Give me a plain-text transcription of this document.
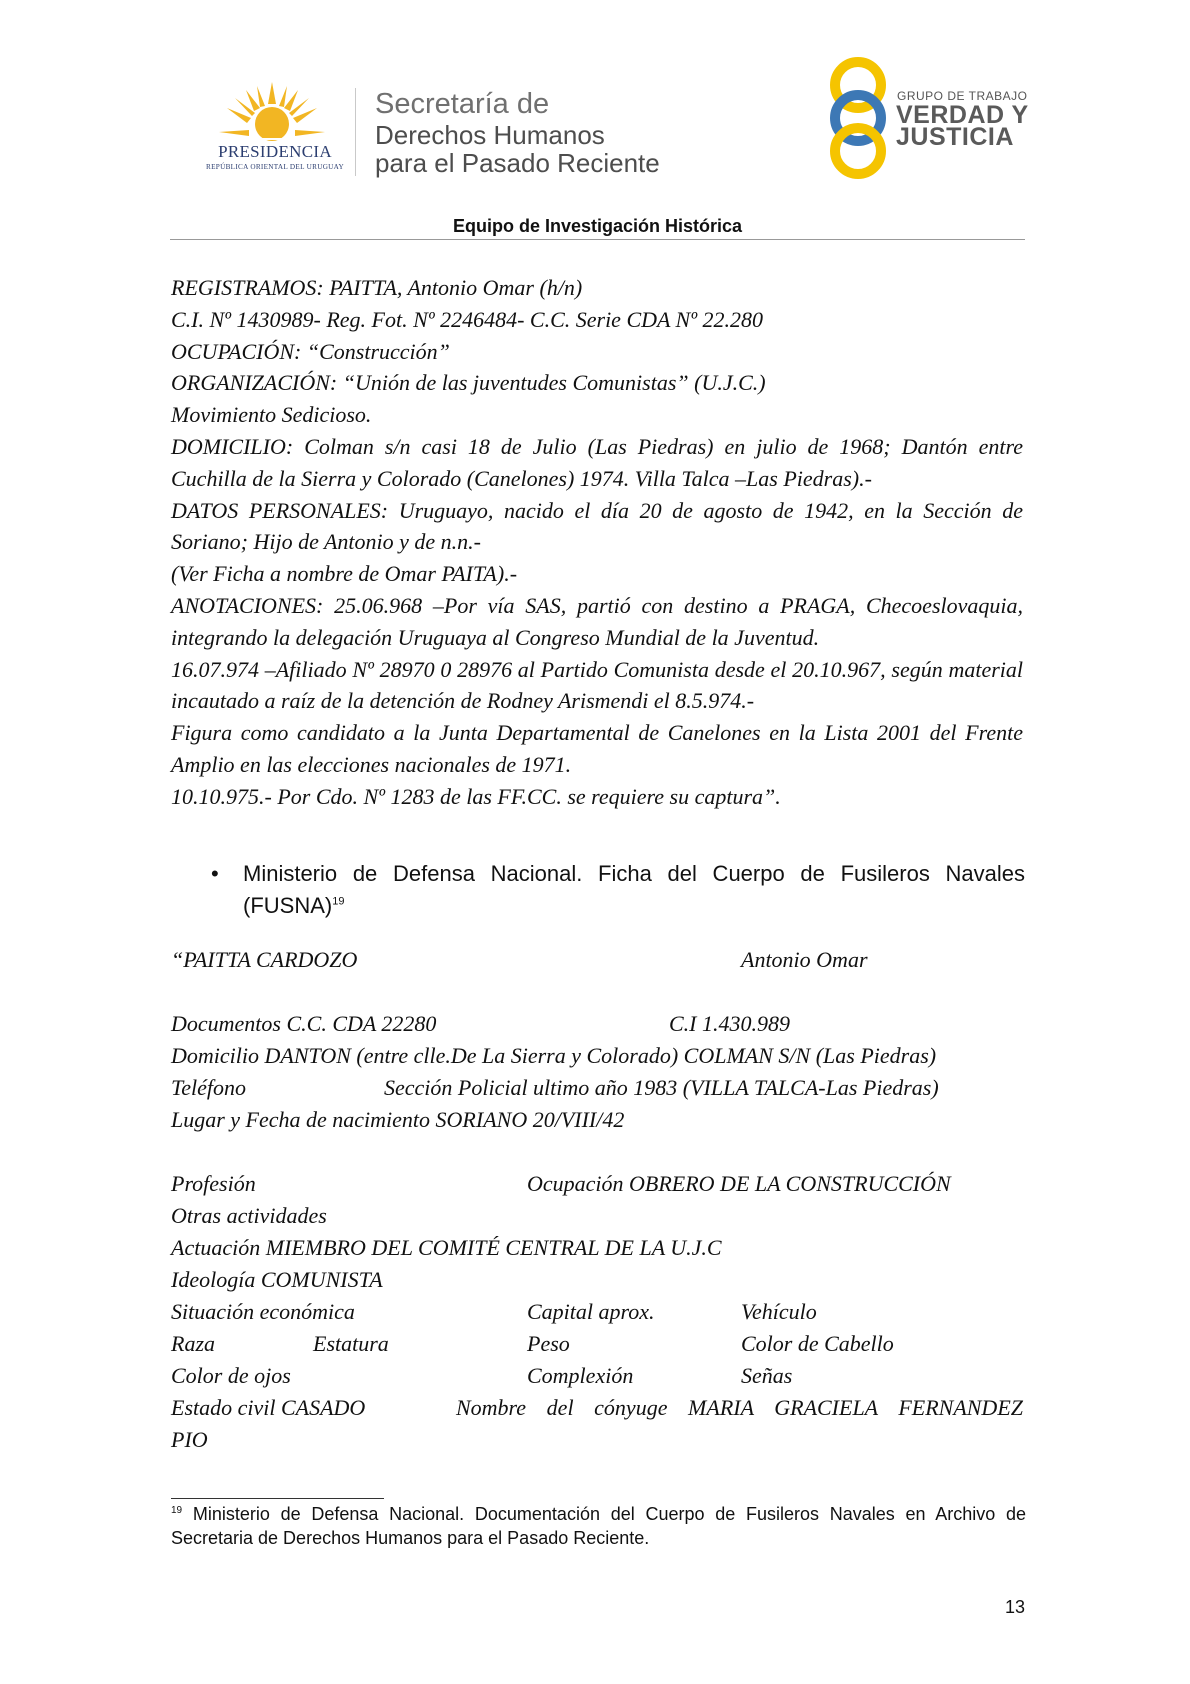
PRESIDENCIA
REPÚBLICA ORIENTAL DEL URUGUAY
Secretaría de
Derechos Humanos
para el Pasado Reciente
GRUPO DE TRABAJO
VERDAD Y
JUSTICIA
Equipo de Investigación Histórica

REGISTRAMOS: PAITTA, Antonio Omar (h/n)

C.I. Nº 1430989- Reg. Fot. Nº 2246484- C.C. Serie CDA Nº 22.280

OCUPACIÓN: “Construcción”

ORGANIZACIÓN: “Unión de las juventudes Comunistas” (U.J.C.)

Movimiento Sedicioso.

DOMICILIO: Colman s/n casi 18 de Julio (Las Piedras) en julio de 1968; Dantón entre Cuchilla de la Sierra y Colorado (Canelones) 1974. Villa Talca –Las Piedras).-

DATOS PERSONALES: Uruguayo, nacido el día 20 de agosto de 1942, en la Sección de Soriano; Hijo de Antonio y de n.n.-

(Ver Ficha a nombre de Omar PAITA).-

ANOTACIONES: 25.06.968 –Por vía SAS, partió con destino a PRAGA, Checoeslovaquia, integrando la delegación Uruguaya al Congreso Mundial de la Juventud.

16.07.974 –Afiliado Nº 28970 0 28976 al Partido Comunista desde el 20.10.967, según material incautado a raíz de la detención de Rodney Arismendi el 8.5.974.-

Figura como candidato a la Junta Departamental de Canelones en la Lista 2001 del Frente Amplio en las elecciones nacionales de 1971.

10.10.975.- Por Cdo. Nº 1283 de las FF.CC. se requiere su captura”.

• Ministerio de Defensa Nacional. Ficha del Cuerpo de Fusileros Navales (FUSNA)$^{19}$
“PAITTA CARDOZO	Antonio Omar
Documentos C.C. CDA 22280	C.I 1.430.989
Domicilio DANTON (entre clle.De La Sierra y Colorado) COLMAN S/N (Las Piedras)
Teléfono	Sección Policial ultimo año 1983 (VILLA TALCA-Las Piedras)
Lugar y Fecha de nacimiento SORIANO 20/VIII/42
Profesión	Ocupación OBRERO DE LA CONSTRUCCIÓN
Otras actividades
Actuación MIEMBRO DEL COMITÉ CENTRAL DE LA U.J.C
Ideología COMUNISTA
Situación económica	Capital aprox.	Vehículo
Raza	Estatura	Peso	Color de Cabello
Color de ojos	Complexión	Señas
Estado civil CASADO	Nombre del cónyuge MARIA GRACIELA FERNANDEZ
PIO
$^{19}$ Ministerio de Defensa Nacional. Documentación del Cuerpo de Fusileros Navales en Archivo de Secretaria de Derechos Humanos para el Pasado Reciente.
13
